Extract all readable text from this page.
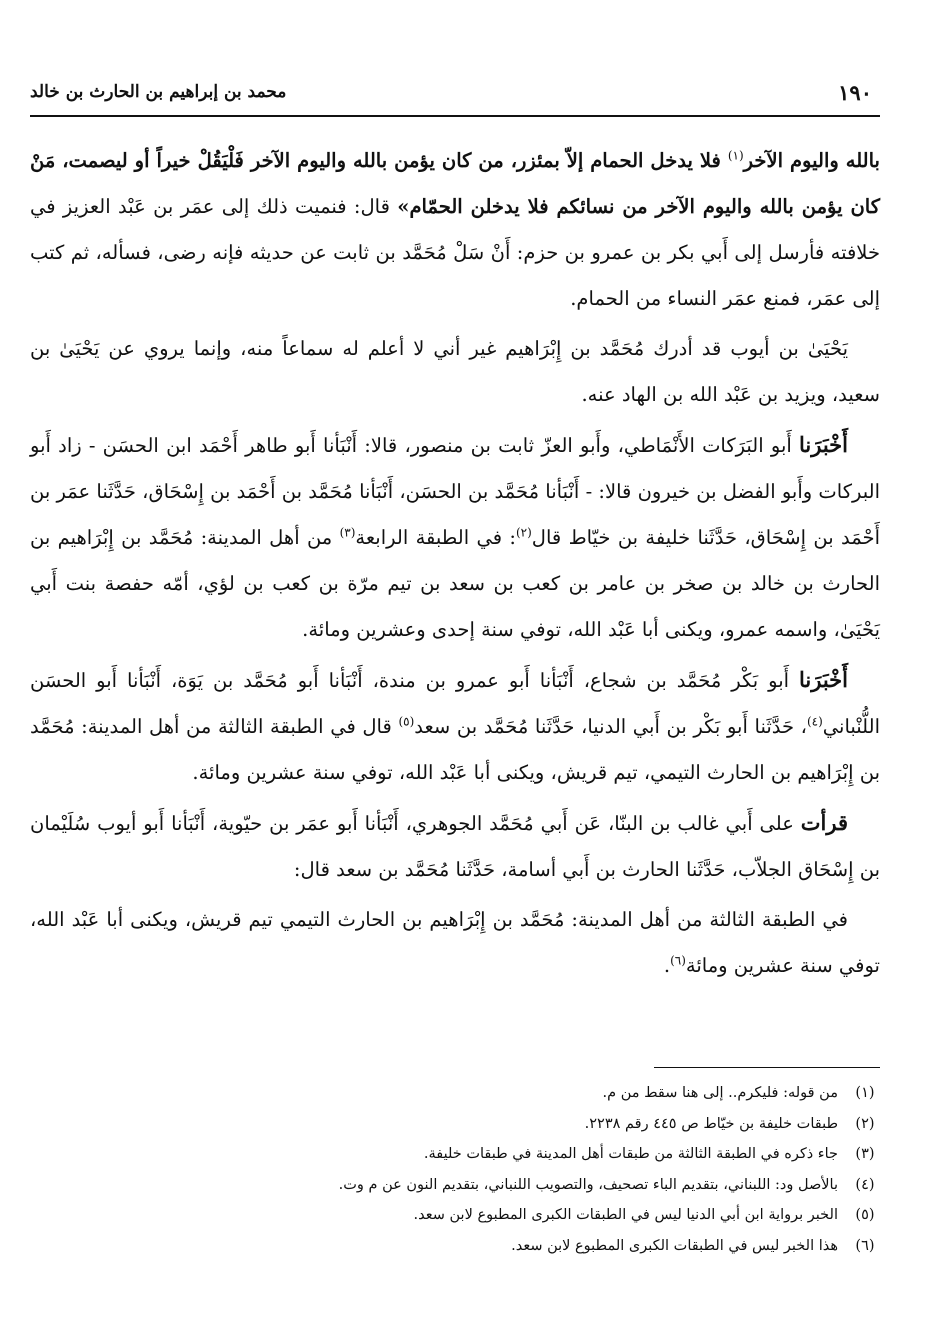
١٩٠
محمد بن إبراهيم بن الحارث بن خالد

بالله واليوم الآخر$^{(١)}$ فلا يدخل الحمام إلاّ بمئزر، من كان يؤمن بالله واليوم الآخر فَلْيَقُلْ خيراً أو ليصمت، مَنْ كان يؤمن بالله واليوم الآخر من نسائكم فلا يدخلن الحمّام» قال: فنميت ذلك إلى عمَر بن عَبْد العزيز في خلافته فأرسل إلى أَبي بكر بن عمرو بن حزم: أَنْ سَلْ مُحَمَّد بن ثابت عن حديثه فإنه رضى، فسأله، ثم كتب إلى عمَر، فمنع عمَر النساء من الحمام.

يَحْيَىٰ بن أيوب قد أدرك مُحَمَّد بن إِبْرَاهيم غير أني لا أعلم له سماعاً منه، وإنما يروي عن يَحْيَىٰ بن سعيد، ويزيد بن عَبْد الله بن الهاد عنه.

أَخْبَرَنا أَبو البَرَكات الأَنْمَاطي، وأَبو العزّ ثابت بن منصور، قالا: أَنْبَأنا أَبو طاهر أَحْمَد ابن الحسَن - زاد أَبو البركات وأَبو الفضل بن خيرون قالا: - أَنْبَأنا مُحَمَّد بن الحسَن، أَنْبَأنا مُحَمَّد بن أَحْمَد بن إِسْحَاق، حَدَّثَنا عمَر بن أَحْمَد بن إِسْحَاق، حَدَّثَنا خليفة بن خيّاط قال$^{(٢)}$: في الطبقة الرابعة$^{(٣)}$ من أهل المدينة: مُحَمَّد بن إِبْرَاهيم بن الحارث بن خالد بن صخر بن عامر بن كعب بن سعد بن تيم مرّة بن كعب بن لؤي، أمّه حفصة بنت أَبي يَحْيَىٰ، واسمه عمرو، ويكنى أبا عَبْد الله، توفي سنة إحدى وعشرين ومائة.

أَخْبَرَنا أَبو بَكْر مُحَمَّد بن شجاع، أَنْبَأنا أَبو عمرو بن مندة، أَنْبَأنا أَبو مُحَمَّد بن يَوَة، أَنْبَأنا أَبو الحسَن اللُّنْباني$^{(٤)}$، حَدَّثَنا أَبو بَكْر بن أَبي الدنيا، حَدَّثَنا مُحَمَّد بن سعد$^{(٥)}$ قال في الطبقة الثالثة من أهل المدينة: مُحَمَّد بن إِبْرَاهيم بن الحارث التيمي، تيم قريش، ويكنى أبا عَبْد الله، توفي سنة عشرين ومائة.

قرأت على أَبي غالب بن البنّا، عَن أَبي مُحَمَّد الجوهري، أَنْبَأنا أَبو عمَر بن حيّوية، أَنْبَأنا أَبو أيوب سُلَيْمان بن إِسْحَاق الجلاّب، حَدَّثَنا الحارث بن أَبي أسامة، حَدَّثَنا مُحَمَّد بن سعد قال:

في الطبقة الثالثة من أهل المدينة: مُحَمَّد بن إِبْرَاهيم بن الحارث التيمي تيم قريش، ويكنى أبا عَبْد الله، توفي سنة عشرين ومائة$^{(٦)}$.

(١)
من قوله: فليكرم.. إلى هنا سقط من م.
(٢)
طبقات خليفة بن خيّاط ص ٤٤٥ رقم ٢٢٣٨.
(٣)
جاء ذكره في الطبقة الثالثة من طبقات أهل المدينة في طبقات خليفة.
(٤)
بالأصل ود: اللبناني، بتقديم الباء تصحيف، والتصويب اللنباني، بتقديم النون عن م وت.
(٥)
الخبر برواية ابن أبي الدنيا ليس في الطبقات الكبرى المطبوع لابن سعد.
(٦)
هذا الخبر ليس في الطبقات الكبرى المطبوع لابن سعد.
